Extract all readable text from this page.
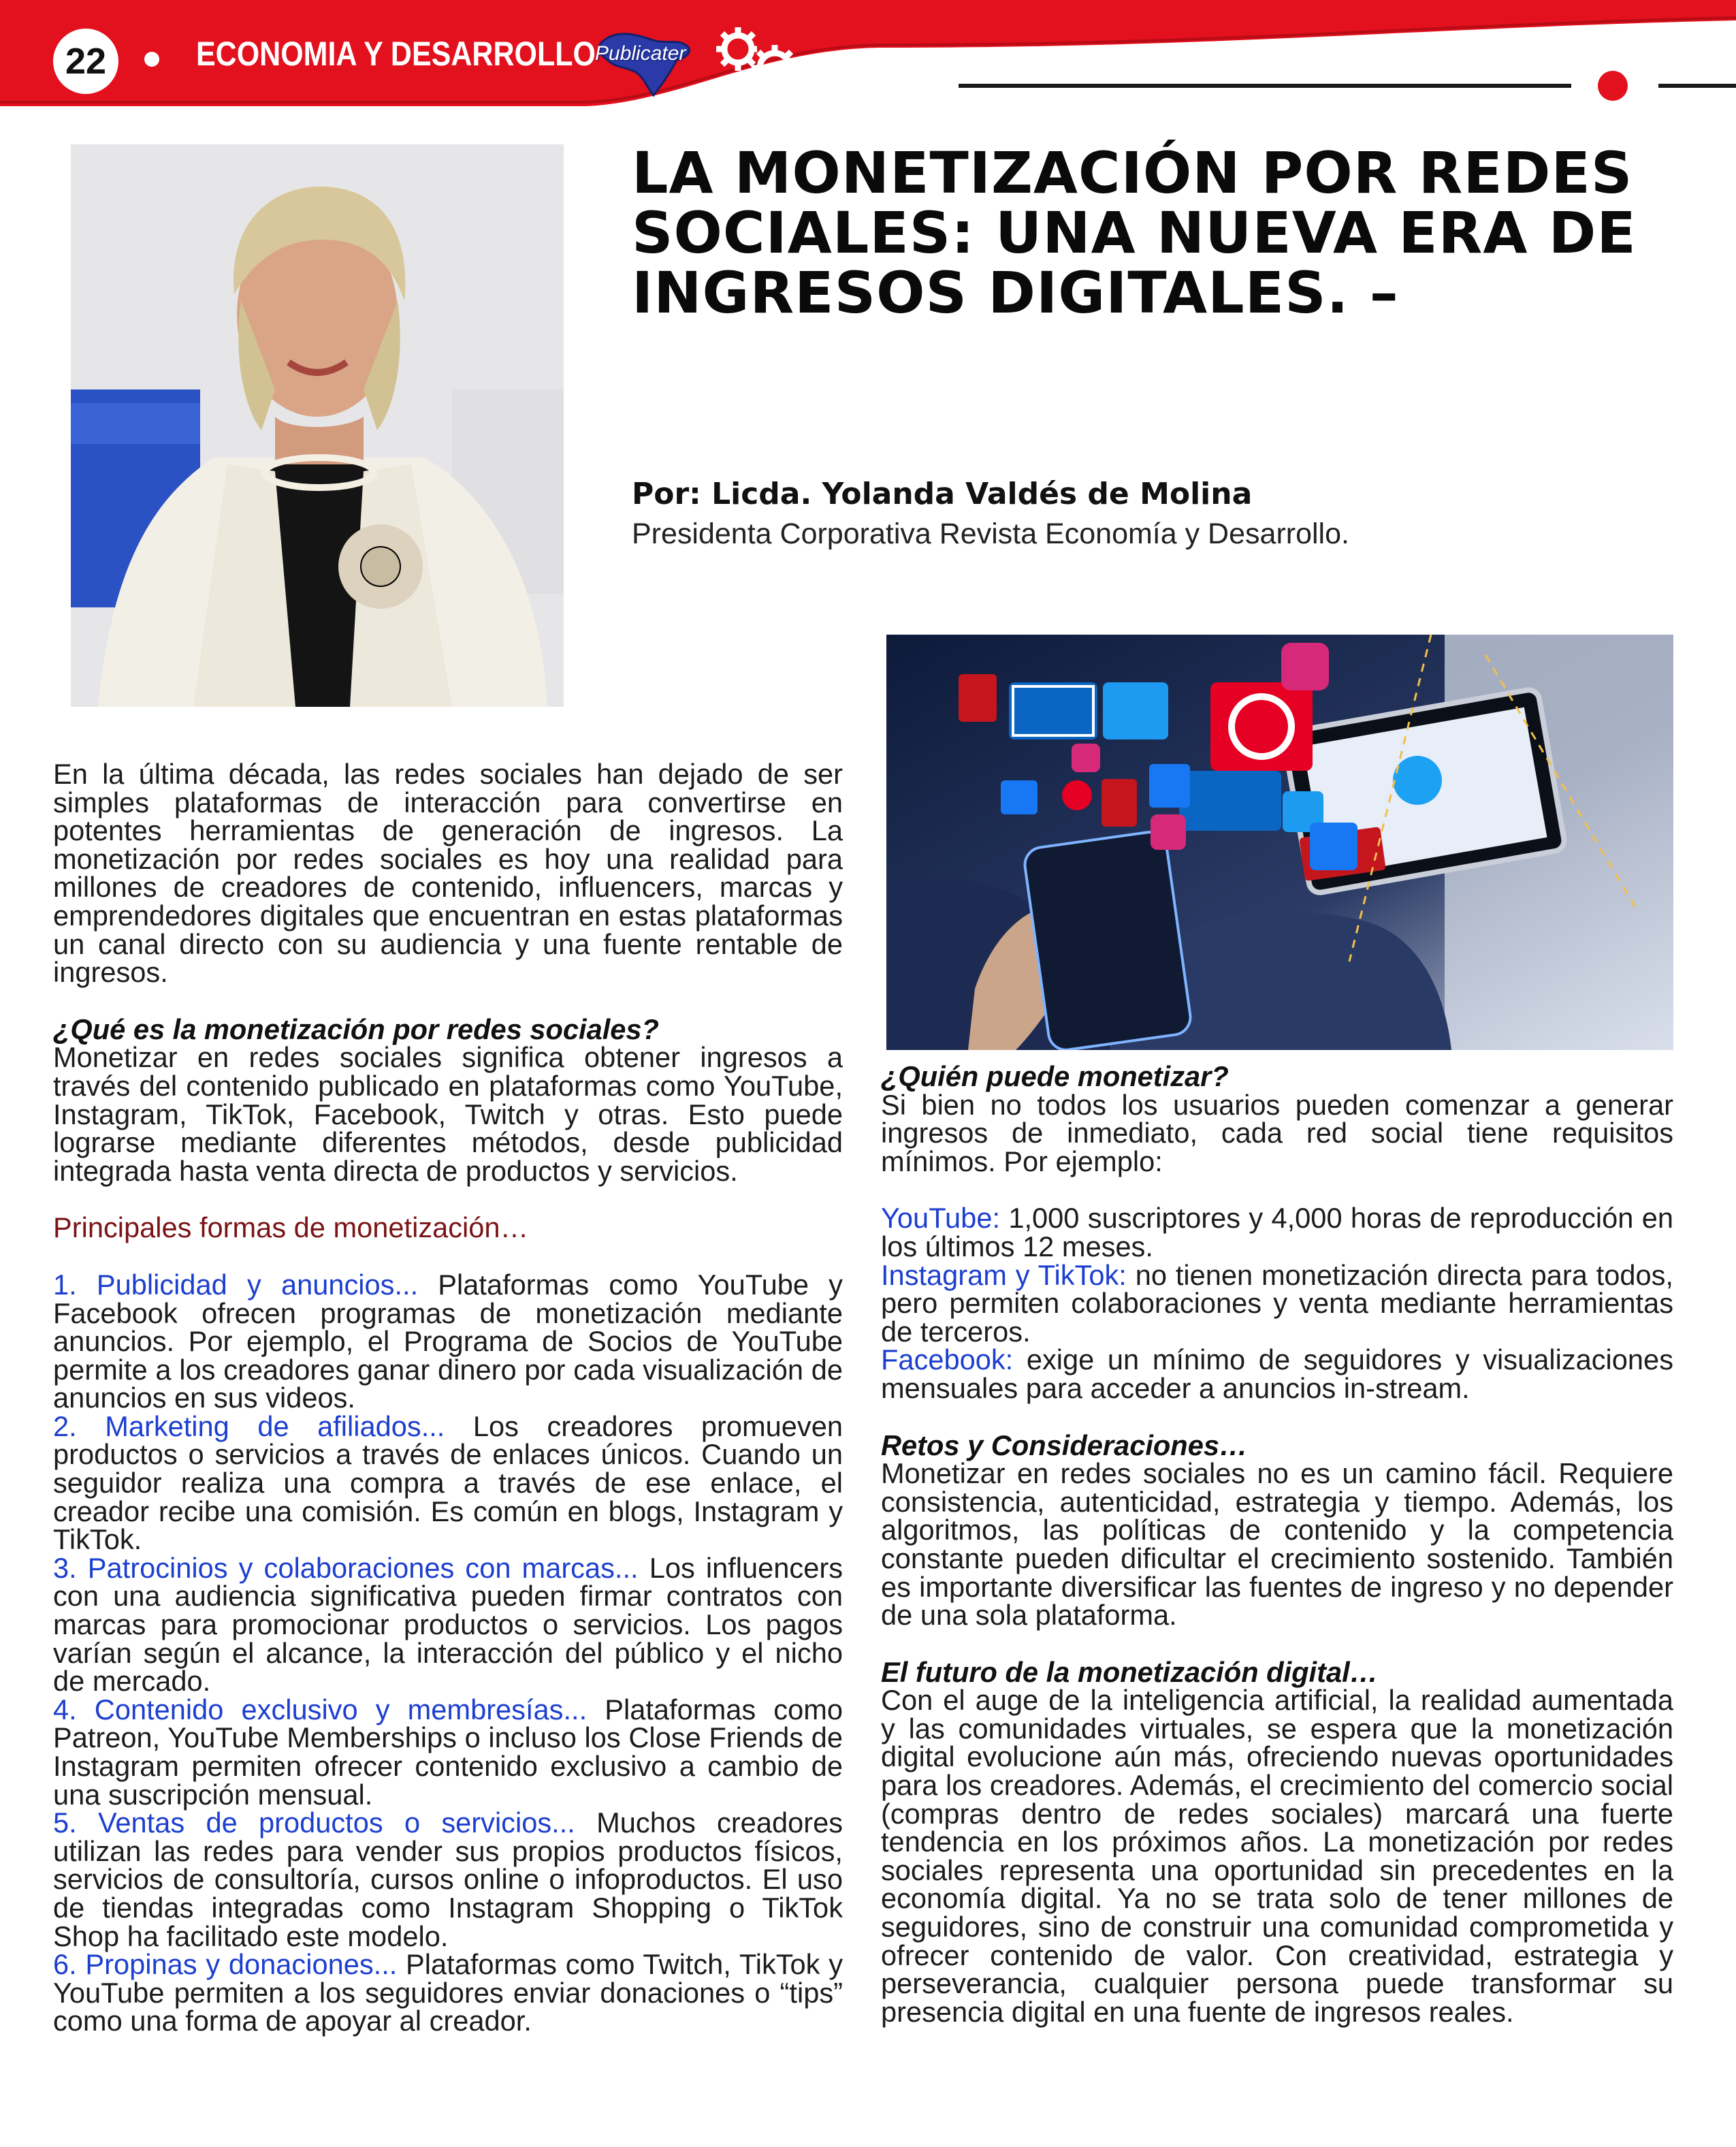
22	ECONOMIA Y DESARROLLO Publicater
LA MONETIZACIÓN POR REDES SOCIALES: UNA NUEVA ERA DE INGRESOS DIGITALES. –
Por: Licda. Yolanda Valdés de Molina
Presidenta Corporativa Revista Economía y Desarrollo.

En la última década, las redes sociales han dejado de ser simples plataformas de interacción para convertirse en potentes herramientas de generación de ingresos. La monetización por redes sociales es hoy una realidad para millones de creadores de contenido, influencers, marcas y emprendedores digitales que encuentran en estas plataformas un canal directo con su audiencia y una fuente rentable de ingresos.

¿Qué es la monetización por redes sociales?

Monetizar en redes sociales significa obtener ingresos a través del contenido publicado en plataformas como YouTube, Instagram, TikTok, Facebook, Twitch y otras. Esto puede lograrse mediante diferentes métodos, desde publicidad integrada hasta venta directa de productos y servicios.

Principales formas de monetización…

1. Publicidad y anuncios... Plataformas como YouTube y Facebook ofrecen programas de monetización mediante anuncios. Por ejemplo, el Programa de Socios de YouTube permite a los creadores ganar dinero por cada visualización de anuncios en sus videos.

2. Marketing de afiliados... Los creadores promueven productos o servicios a través de enlaces únicos. Cuando un seguidor realiza una compra a través de ese enlace, el creador recibe una comisión. Es común en blogs, Instagram y TikTok.

3. Patrocinios y colaboraciones con marcas... Los influencers con una audiencia significativa pueden firmar contratos con marcas para promocionar productos o servicios. Los pagos varían según el alcance, la interacción del público y el nicho de mercado.

4. Contenido exclusivo y membresías... Plataformas como Patreon, YouTube Memberships o incluso los Close Friends de Instagram permiten ofrecer contenido exclusivo a cambio de una suscripción mensual.

5. Ventas de productos o servicios... Muchos creadores utilizan las redes para vender sus propios productos físicos, servicios de consultoría, cursos online o infoproductos. El uso de tiendas integradas como Instagram Shopping o TikTok Shop ha facilitado este modelo.

6. Propinas y donaciones... Plataformas como Twitch, TikTok y YouTube permiten a los seguidores enviar donaciones o “tips” como una forma de apoyar al creador.

¿Quién puede monetizar?

Si bien no todos los usuarios pueden comenzar a generar ingresos de inmediato, cada red social tiene requisitos mínimos. Por ejemplo:

YouTube: 1,000 suscriptores y 4,000 horas de reproducción en los últimos 12 meses.

Instagram y TikTok: no tienen monetización directa para todos, pero permiten colaboraciones y venta mediante herramientas de terceros.

Facebook: exige un mínimo de seguidores y visualizaciones mensuales para acceder a anuncios in-stream.

Retos y Consideraciones…

Monetizar en redes sociales no es un camino fácil. Requiere consistencia, autenticidad, estrategia y tiempo. Además, los algoritmos, las políticas de contenido y la competencia constante pueden dificultar el crecimiento sostenido. También es importante diversificar las fuentes de ingreso y no depender de una sola plataforma.

El futuro de la monetización digital…

Con el auge de la inteligencia artificial, la realidad aumentada y las comunidades virtuales, se espera que la monetización digital evolucione aún más, ofreciendo nuevas oportunidades para los creadores. Además, el crecimiento del comercio social (compras dentro de redes sociales) marcará una fuerte tendencia en los próximos años. La monetización por redes sociales representa una oportunidad sin precedentes en la economía digital. Ya no se trata solo de tener millones de seguidores, sino de construir una comunidad comprometida y ofrecer contenido de valor. Con creatividad, estrategia y perseverancia, cualquier persona puede transformar su presencia digital en una fuente de ingresos reales.
